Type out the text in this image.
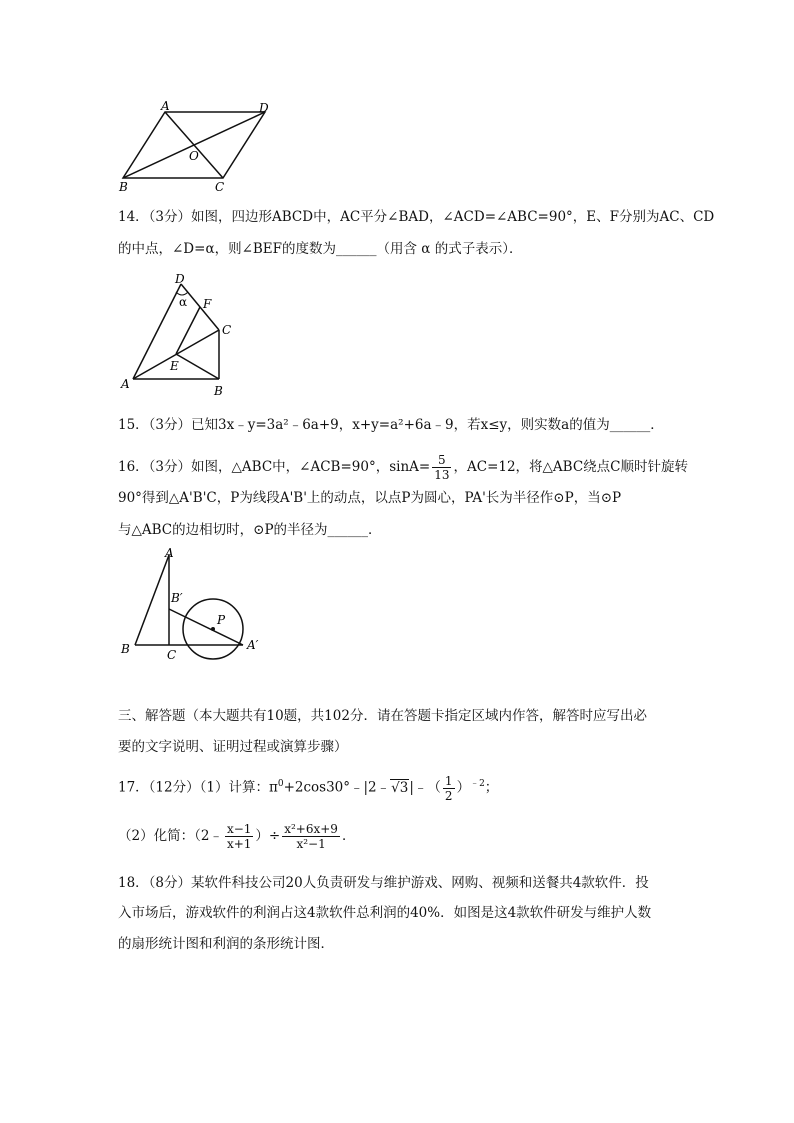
A	D
B	C
O
14．（3分）如图，四边形ABCD中，AC平分∠BAD，∠ACD=∠ABC=90°，E、F分别为AC、CD
的中点，∠D=α，则∠BEF的度数为______（用含 α 的式子表示）．
D
α F
C
E
A	B
15．（3分）已知3x﹣y=3a²﹣6a+9，x+y=a²+6a﹣9，若x≤y，则实数a的值为______．
16．（3分）如图，△ABC中，∠ACB=90°，$\sin A= \frac{5}{13}$ ，AC=12，将△ABC绕点C顺时针旋转
90°得到△A'B'C，P为线段A'B'上的动点，以点P为圆心，PA'长为半径作⊙P，当⊙P
与△ABC的边相切时，⊙P的半径为______．
A
B′
P
B	C
A′
三、解答题（本大题共有10题，共102分．请在答题卡指定区域内作答，解答时应写出必
要的文字说明、证明过程或演算步骤）
17．（12分）（1）计算：$\pi^0+2\cos 30^\circ﹣|2﹣√3|﹣( \frac{1}{2} )^{﹣2}$；
（2）化简：（2﹣ $\frac{x-1}{x+1}$ ）÷ $\frac{\text{x²+6x+9}}{\text{x²−1}}$ ．
18．（8分）某软件科技公司20人负责研发与维护游戏、网购、视频和送餐共4款软件．投
入市场后，游戏软件的利润占这4款软件总利润的40%．如图是这4款软件研发与维护人数
的扇形统计图和利润的条形统计图．
